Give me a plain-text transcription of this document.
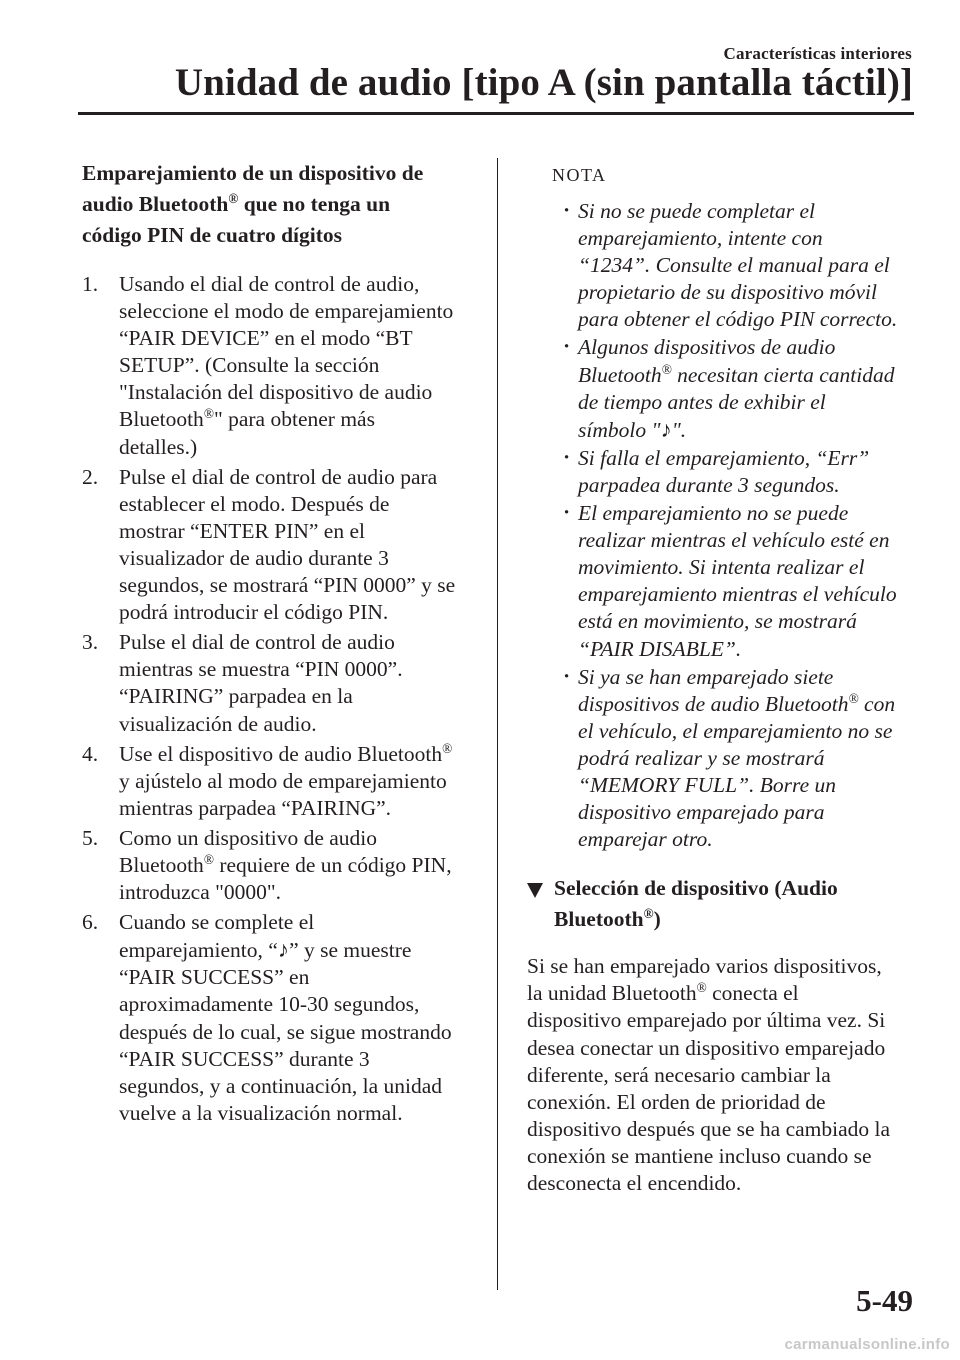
Características interiores
Unidad de audio [tipo A (sin pantalla táctil)]
Emparejamiento de un dispositivo de
audio Bluetooth® que no tenga un
código PIN de cuatro dígitos
1. Usando el dial de control de audio,
seleccione el modo de emparejamiento
“PAIR DEVICE” en el modo “BT
SETUP”. (Consulte la sección
"Instalación del dispositivo de audio
Bluetooth®" para obtener más
detalles.)
2. Pulse el dial de control de audio para
establecer el modo. Después de
mostrar “ENTER PIN” en el
visualizador de audio durante 3
segundos, se mostrará “PIN 0000” y se
podrá introducir el código PIN.
3. Pulse el dial de control de audio
mientras se muestra “PIN 0000”.
“PAIRING” parpadea en la
visualización de audio.
4. Use el dispositivo de audio Bluetooth®
y ajústelo al modo de emparejamiento
mientras parpadea “PAIRING”.
5. Como un dispositivo de audio
Bluetooth® requiere de un código PIN,
introduzca "0000".
6. Cuando se complete el
emparejamiento, “♪” y se muestre
“PAIR SUCCESS” en
aproximadamente 10-30 segundos,
después de lo cual, se sigue mostrando
“PAIR SUCCESS” durante 3
segundos, y a continuación, la unidad
vuelve a la visualización normal.
NOTA
· Si no se puede completar el
emparejamiento, intente con
“1234”. Consulte el manual para el
propietario de su dispositivo móvil
para obtener el código PIN correcto.
· Algunos dispositivos de audio
Bluetooth® necesitan cierta cantidad
de tiempo antes de exhibir el
símbolo "♪".
· Si falla el emparejamiento, “Err”
parpadea durante 3 segundos.
· El emparejamiento no se puede
realizar mientras el vehículo esté en
movimiento. Si intenta realizar el
emparejamiento mientras el vehículo
está en movimiento, se mostrará
“PAIR DISABLE”.
· Si ya se han emparejado siete
dispositivos de audio Bluetooth® con
el vehículo, el emparejamiento no se
podrá realizar y se mostrará
“MEMORY FULL”. Borre un
dispositivo emparejado para
emparejar otro.
Selección de dispositivo (Audio
Bluetooth®)

Si se han emparejado varios dispositivos,
la unidad Bluetooth® conecta el
dispositivo emparejado por última vez. Si
desea conectar un dispositivo emparejado
diferente, será necesario cambiar la
conexión. El orden de prioridad de
dispositivo después que se ha cambiado la
conexión se mantiene incluso cuando se
desconecta el encendido.

5-49
carmanualsonline.info
